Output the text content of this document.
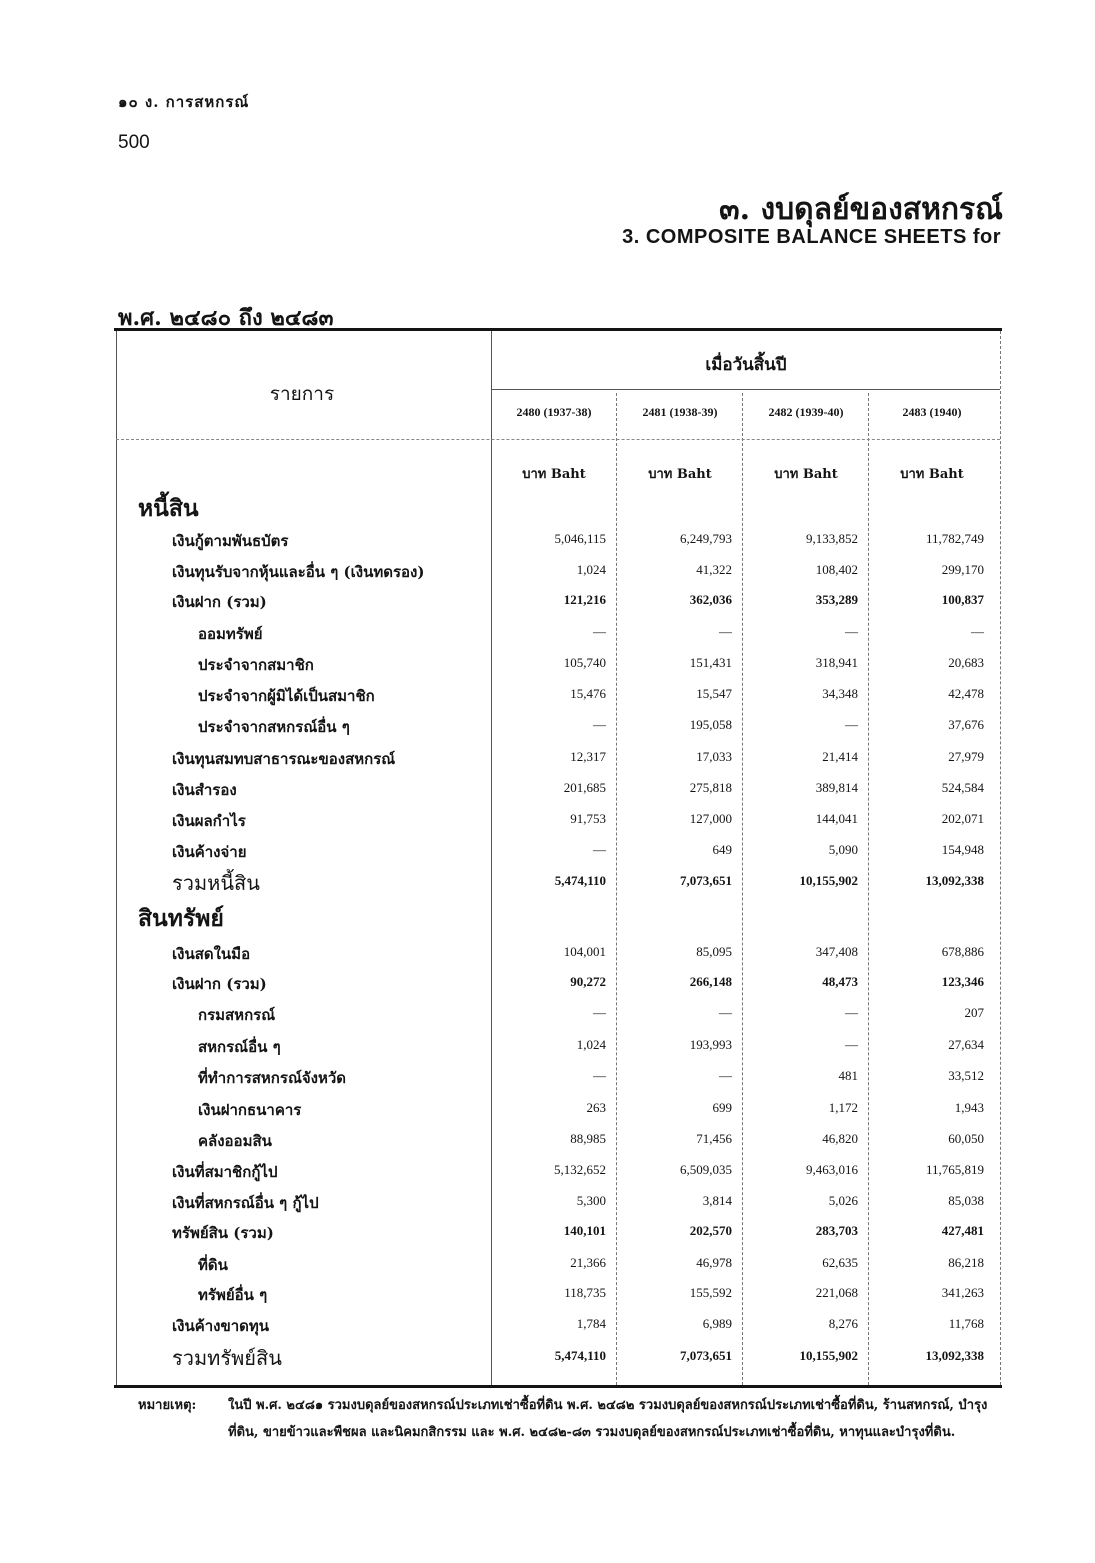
๑๐ ง. การสหกรณ์
500
๓. งบดุลย์ของสหกรณ์
3. COMPOSITE BALANCE SHEETS for
พ.ศ. ๒๔๘๐ ถึง ๒๔๘๓
รายการ
เมื่อวันสิ้นปี
2480 (1937-38)	2481 (1938-39)	2482 (1939-40)	2483 (1940)
บาท Baht	บาท Baht	บาท Baht	บาท Baht
หนี้สิน
เงินกู้ตามพันธบัตร	5,046,115	6,249,793	9,133,852	11,782,749
เงินทุนรับจากหุ้นและอื่น ๆ (เงินทดรอง)	1,024	41,322	108,402	299,170
เงินฝาก (รวม)	121,216	362,036	353,289	100,837
ออมทรัพย์	—	—	—	—
ประจำจากสมาชิก	105,740	151,431	318,941	20,683
ประจำจากผู้มิได้เป็นสมาชิก	15,476	15,547	34,348	42,478
ประจำจากสหกรณ์อื่น ๆ	—	195,058	—	37,676
เงินทุนสมทบสาธารณะของสหกรณ์	12,317	17,033	21,414	27,979
เงินสำรอง	201,685	275,818	389,814	524,584
เงินผลกำไร	91,753	127,000	144,041	202,071
เงินค้างจ่าย	—	649	5,090	154,948
รวมหนี้สิน	5,474,110	7,073,651	10,155,902	13,092,338
สินทรัพย์
เงินสดในมือ	104,001	85,095	347,408	678,886
เงินฝาก (รวม)	90,272	266,148	48,473	123,346
กรมสหกรณ์	—	—	—	207
สหกรณ์อื่น ๆ	1,024	193,993	—	27,634
ที่ทำการสหกรณ์จังหวัด	—	—	481	33,512
เงินฝากธนาคาร	263	699	1,172	1,943
คลังออมสิน	88,985	71,456	46,820	60,050
เงินที่สมาชิกกู้ไป	5,132,652	6,509,035	9,463,016	11,765,819
เงินที่สหกรณ์อื่น ๆ กู้ไป	5,300	3,814	5,026	85,038
ทรัพย์สิน (รวม)	140,101	202,570	283,703	427,481
ที่ดิน	21,366	46,978	62,635	86,218
ทรัพย์อื่น ๆ	118,735	155,592	221,068	341,263
เงินค้างขาดทุน	1,784	6,989	8,276	11,768
รวมทรัพย์สิน	5,474,110	7,073,651	10,155,902	13,092,338
หมายเหตุ: ในปี พ.ศ. ๒๔๘๑ รวมงบดุลย์ของสหกรณ์ประเภทเช่าซื้อที่ดิน พ.ศ. ๒๔๘๒ รวมงบดุลย์ของสหกรณ์ประเภทเช่าซื้อที่ดิน, ร้านสหกรณ์, บำรุงที่ดิน, ขายข้าวและพืชผล และนิคมกสิกรรม และ พ.ศ. ๒๔๘๒-๘๓ รวมงบดุลย์ของสหกรณ์ประเภทเช่าซื้อที่ดิน, หาทุนและบำรุงที่ดิน.
